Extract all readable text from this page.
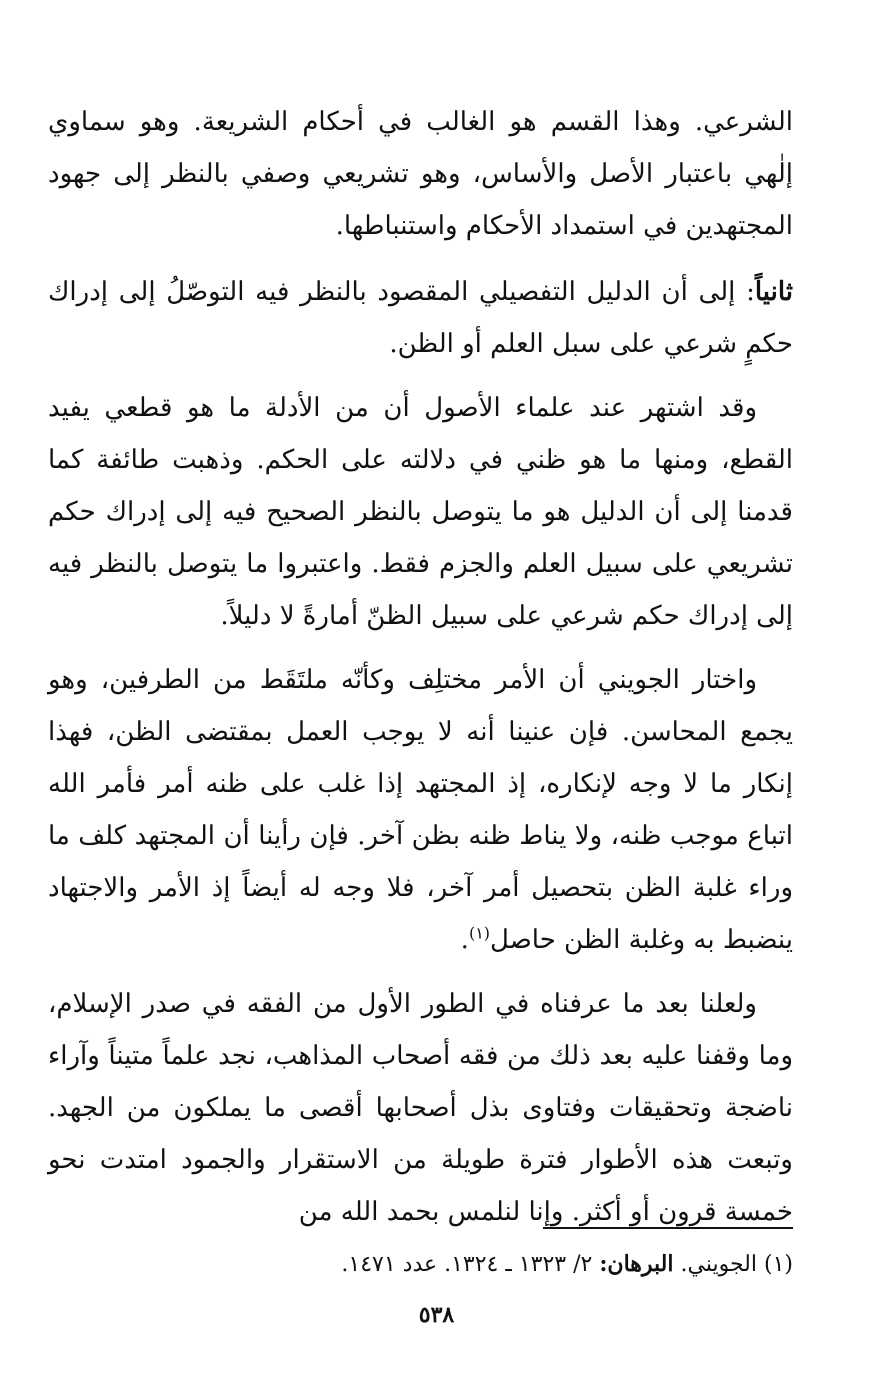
الشرعي. وهذا القسم هو الغالب في أحكام الشريعة. وهو سماوي إلٰهي باعتبار الأصل والأساس، وهو تشريعي وصفي بالنظر إلى جهود المجتهدين في استمداد الأحكام واستنباطها.

ثانياً: إلى أن الدليل التفصيلي المقصود بالنظر فيه التوصّلُ إلى إدراك حكمٍ شرعي على سبل العلم أو الظن.

وقد اشتهر عند علماء الأصول أن من الأدلة ما هو قطعي يفيد القطع، ومنها ما هو ظني في دلالته على الحكم. وذهبت طائفة كما قدمنا إلى أن الدليل هو ما يتوصل بالنظر الصحيح فيه إلى إدراك حكم تشريعي على سبيل العلم والجزم فقط. واعتبروا ما يتوصل بالنظر فيه إلى إدراك حكم شرعي على سبيل الظنّ أمارةً لا دليلاً.

واختار الجويني أن الأمر مختلِف وكأنّه ملتَقَط من الطرفين، وهو يجمع المحاسن. فإن عنينا أنه لا يوجب العمل بمقتضى الظن، فهذا إنكار ما لا وجه لإنكاره، إذ المجتهد إذا غلب على ظنه أمر فأمر الله اتباع موجب ظنه، ولا يناط ظنه بظن آخر. فإن رأينا أن المجتهد كلف ما وراء غلبة الظن بتحصيل أمر آخر، فلا وجه له أيضاً إذ الأمر والاجتهاد ينضبط به وغلبة الظن حاصل$^{(١)}$.

ولعلنا بعد ما عرفناه في الطور الأول من الفقه في صدر الإسلام، وما وقفنا عليه بعد ذلك من فقه أصحاب المذاهب، نجد علماً متيناً وآراء ناضجة وتحقيقات وفتاوى بذل أصحابها أقصى ما يملكون من الجهد. وتبعت هذه الأطوار فترة طويلة من الاستقرار والجمود امتدت نحو خمسة قرون أو أكثر. وإنا لنلمس بحمد الله من

(١) الجويني. البرهان: ٢/ ١٣٢٣ ـ ١٣٢٤. عدد ١٤٧١.

٥٣٨
